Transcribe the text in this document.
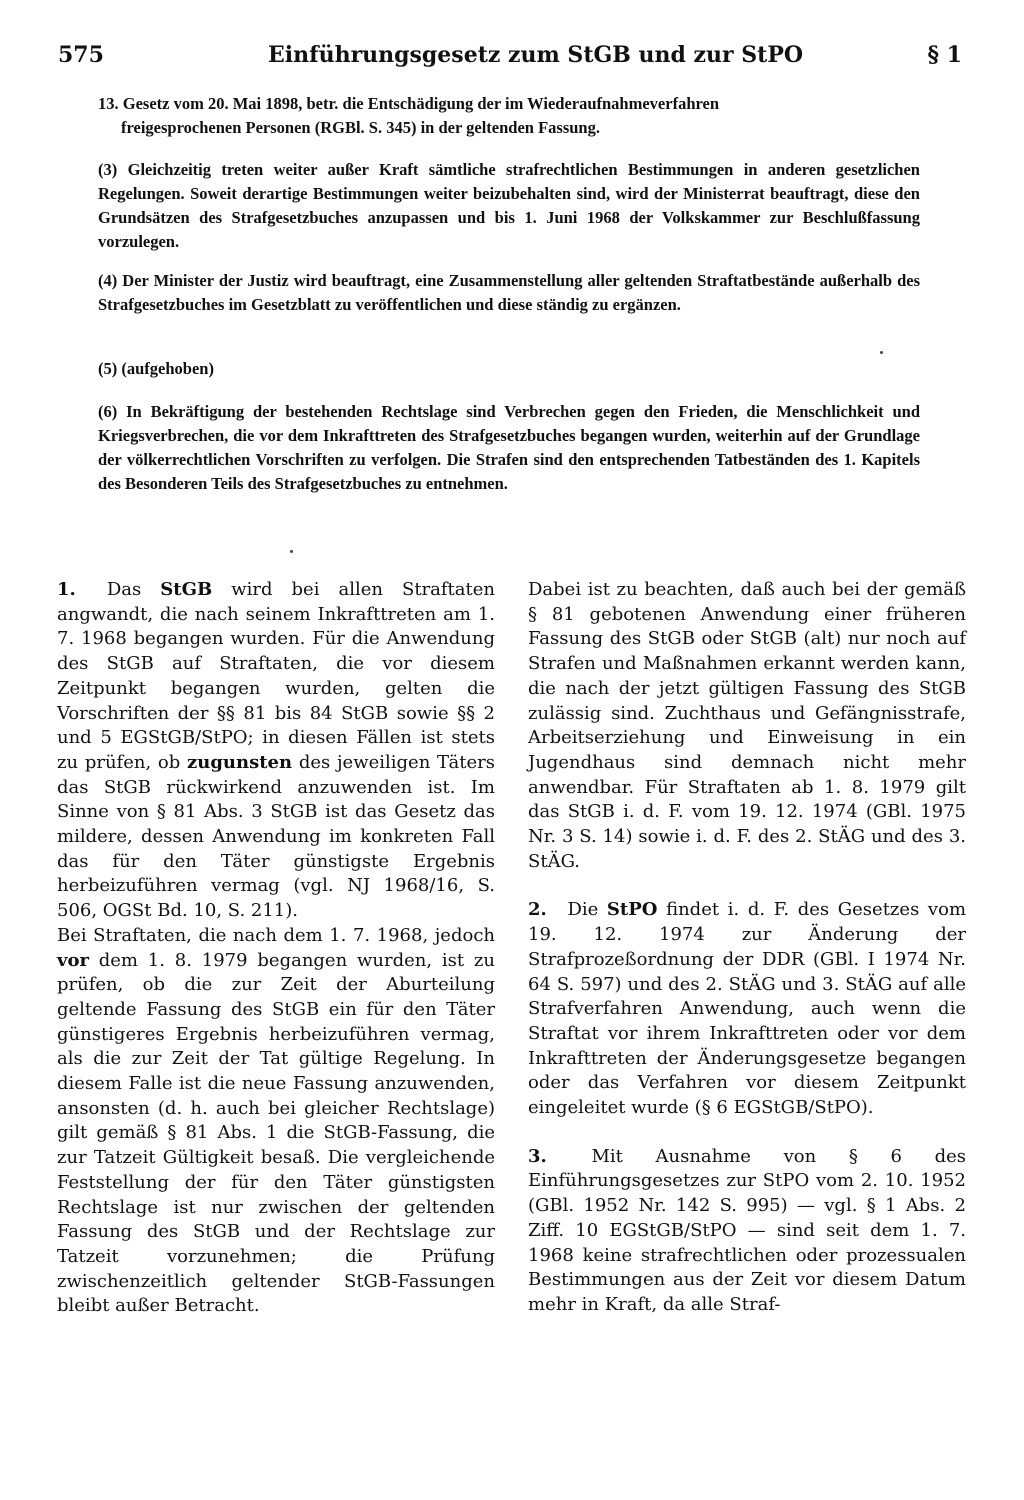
575	Einführungsgesetz zum StGB und zur StPO	§ 1
13. Gesetz vom 20. Mai 1898, betr. die Entschädigung der im Wiederaufnahmeverfahren

freigesprochenen Personen (RGBl. S. 345) in der geltenden Fassung.
(3) Gleichzeitig treten weiter außer Kraft sämtliche strafrechtlichen Bestimmungen in anderen gesetzlichen Regelungen. Soweit derartige Bestimmungen weiter beizubehalten sind, wird der Ministerrat beauftragt, diese den Grundsätzen des Strafgesetzbuches anzupassen und bis 1. Juni 1968 der Volkskammer zur Beschlußfassung vorzulegen.
(4) Der Minister der Justiz wird beauftragt, eine Zusammenstellung aller geltenden Straftatbestände außerhalb des Strafgesetzbuches im Gesetzblatt zu veröffentlichen und diese ständig zu ergänzen.
(5) (aufgehoben)
(6) In Bekräftigung der bestehenden Rechtslage sind Verbrechen gegen den Frieden, die Menschlichkeit und Kriegsverbrechen, die vor dem Inkrafttreten des Strafgesetzbuches begangen wurden, weiterhin auf der Grundlage der völkerrechtlichen Vorschriften zu verfolgen. Die Strafen sind den entsprechenden Tatbeständen des 1. Kapitels des Besonderen Teils des Strafgesetzbuches zu entnehmen.

1. Das StGB wird bei allen Straftaten angwandt, die nach seinem Inkrafttreten am 1. 7. 1968 begangen wurden. Für die Anwendung des StGB auf Straftaten, die vor diesem Zeitpunkt begangen wurden, gelten die Vorschriften der §§ 81 bis 84 StGB sowie §§ 2 und 5 EGStGB/StPO; in diesen Fällen ist stets zu prüfen, ob zugunsten des jeweiligen Täters das StGB rückwirkend anzuwenden ist. Im Sinne von § 81 Abs. 3 StGB ist das Gesetz das mildere, dessen Anwendung im konkreten Fall das für den Täter günstigste Ergebnis herbeizuführen vermag (vgl. NJ 1968/16, S. 506, OGSt Bd. 10, S. 211).

Bei Straftaten, die nach dem 1. 7. 1968, jedoch vor dem 1. 8. 1979 begangen wurden, ist zu prüfen, ob die zur Zeit der Aburteilung geltende Fassung des StGB ein für den Täter günstigeres Ergebnis herbeizuführen vermag, als die zur Zeit der Tat gültige Regelung. In diesem Falle ist die neue Fassung anzuwenden, ansonsten (d. h. auch bei gleicher Rechtslage) gilt gemäß § 81 Abs. 1 die StGB-Fassung, die zur Tatzeit Gültigkeit besaß. Die vergleichende Feststellung der für den Täter günstigsten Rechtslage ist nur zwischen der geltenden Fassung des StGB und der Rechtslage zur Tatzeit vorzunehmen; die Prüfung zwischenzeitlich geltender StGB-Fassungen bleibt außer Betracht.

Dabei ist zu beachten, daß auch bei der gemäß § 81 gebotenen Anwendung einer früheren Fassung des StGB oder StGB (alt) nur noch auf Strafen und Maßnahmen erkannt werden kann, die nach der jetzt gültigen Fassung des StGB zulässig sind. Zuchthaus und Gefängnisstrafe, Arbeitserziehung und Einweisung in ein Jugendhaus sind demnach nicht mehr anwendbar. Für Straftaten ab 1. 8. 1979 gilt das StGB i. d. F. vom 19. 12. 1974 (GBl. 1975 Nr. 3 S. 14) sowie i. d. F. des 2. StÄG und des 3. StÄG.

2. Die StPO findet i. d. F. des Gesetzes vom 19. 12. 1974 zur Änderung der Strafprozeßordnung der DDR (GBl. I 1974 Nr. 64 S. 597) und des 2. StÄG und 3. StÄG auf alle Strafverfahren Anwendung, auch wenn die Straftat vor ihrem Inkrafttreten oder vor dem Inkrafttreten der Änderungsgesetze begangen oder das Verfahren vor diesem Zeitpunkt eingeleitet wurde (§ 6 EGStGB/StPO).

3. Mit Ausnahme von § 6 des Einführungsgesetzes zur StPO vom 2. 10. 1952 (GBl. 1952 Nr. 142 S. 995) — vgl. § 1 Abs. 2 Ziff. 10 EGStGB/StPO — sind seit dem 1. 7. 1968 keine strafrechtlichen oder prozessualen Bestimmungen aus der Zeit vor diesem Datum mehr in Kraft, da alle Straf-
